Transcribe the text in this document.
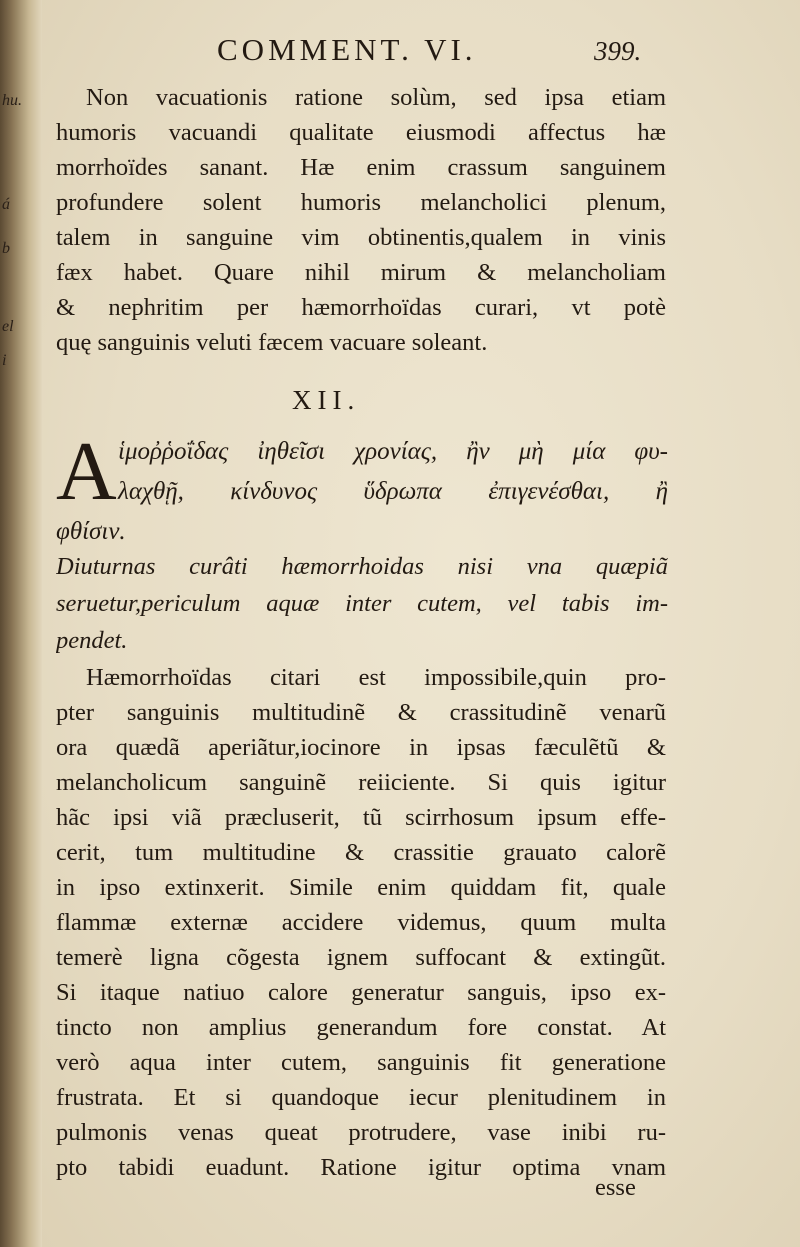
hu.
á
b
el
i
COMMENT. VI.	399.
Non vacuationis ratione solùm, sed ipsa etiam
humoris vacuandi qualitate eiusmodi affectus hæ
morrhoïdes sanant. Hæ enim crassum sanguinem
profundere solent humoris melancholici plenum,
talem in sanguine vim obtinentis,qualem in vinis
fæx habet. Quare nihil mirum & melancholiam
& nephritim per hæmorrhoïdas curari, vt potè
quę sanguinis veluti fæcem vacuare soleant.
XII.
A ἱμοῤῥοΐδας ἰηθεῖσι χρονίας, ἢν μὴ μία φυ-
λαχθῇ, κίνδυνος ὕδρωπα ἐπιγενέσθαι, ἢ
φθίσιν.
Diuturnas curâti hæmorrhoidas nisi vna quæpiã
seruetur,periculum aquæ inter cutem, vel tabis im-
pendet.
Hæmorrhoïdas citari est impossibile,quin pro-
pter sanguinis multitudinẽ & crassitudinẽ venarũ
ora quædã aperiãtur,iocinore in ipsas fæculẽtũ &
melancholicum sanguinẽ reiiciente. Si quis igitur
hãc ipsi viã præcluserit, tũ scirrhosum ipsum effe-
cerit, tum multitudine & crassitie grauato calorẽ
in ipso extinxerit. Simile enim quiddam fit, quale
flammæ externæ accidere videmus, quum multa
temerè ligna cõgesta ignem suffocant & extingũt.
Si itaque natiuo calore generatur sanguis, ipso ex-
tincto non amplius generandum fore constat. At
verò aqua inter cutem, sanguinis fit generatione
frustrata. Et si quandoque iecur plenitudinem in
pulmonis venas queat protrudere, vase inibi ru-
pto tabidi euadunt. Ratione igitur optima vnam
esse
